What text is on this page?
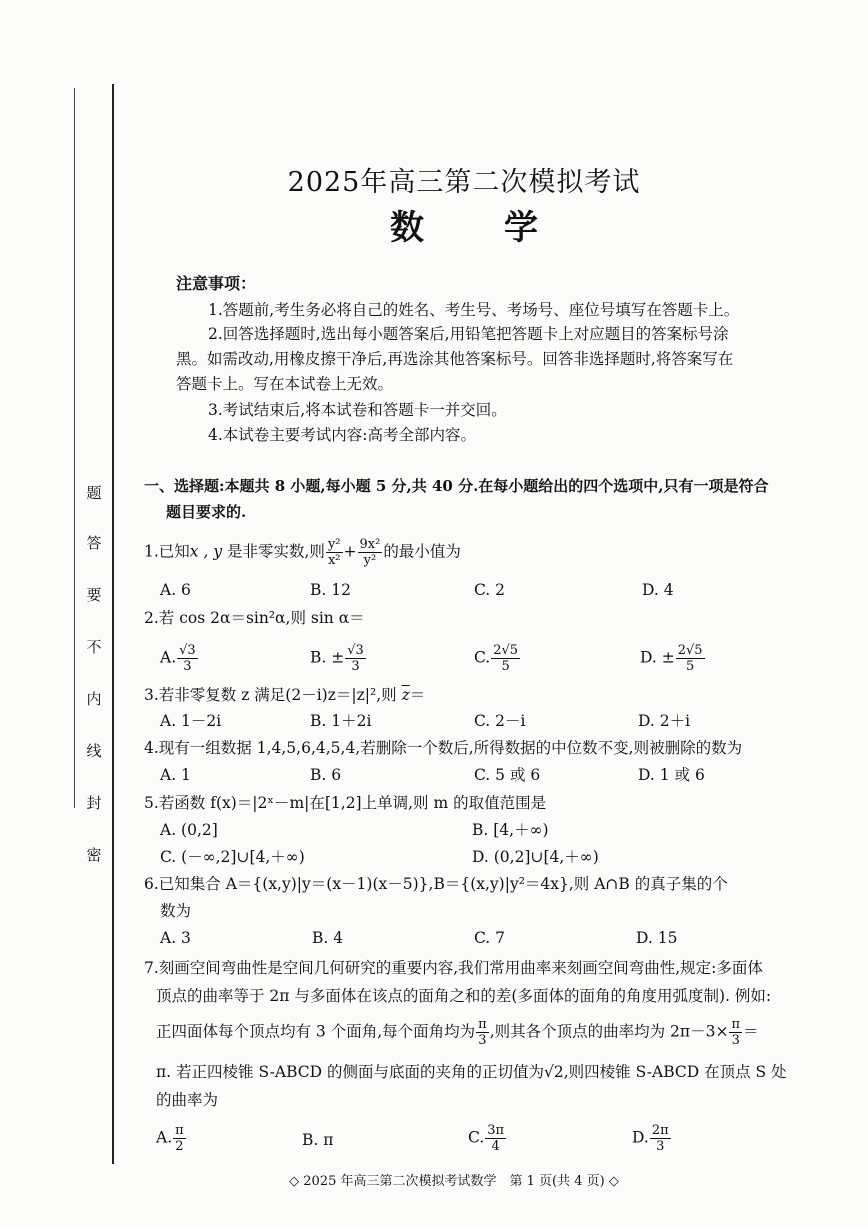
题
答
要
不
内
线
封
密
2025年高三第二次模拟考试
数 学
注意事项：
1.答题前,考生务必将自己的姓名、考生号、考场号、座位号填写在答题卡上。
2.回答选择题时,选出每小题答案后,用铅笔把答题卡上对应题目的答案标号涂
黑。如需改动,用橡皮擦干净后,再选涂其他答案标号。回答非选择题时,将答案写在
答题卡上。写在本试卷上无效。
3.考试结束后,将本试卷和答题卡一并交回。
4.本试卷主要考试内容:高考全部内容。
一、选择题:本题共 8 小题,每小题 5 分,共 40 分.在每小题给出的四个选项中,只有一项是符合
题目要求的.
1.已知x , y 是非零实数,则 $\frac{\text{y²}}{\text{x²}} + \frac{\text{9x²}}{\text{y²}}$ 的最小值为
A. 6	B. 12	C. 2	D. 4
2.若 cos 2α＝sin²α,则 sin α＝
A. $\frac{√3}{3}$	B. ± $\frac{√3}{3}$	C. $\frac{2√5}{5}$	D. ± $\frac{2√5}{5}$
3.若非零复数 z 满足(2－i)z＝|z|²,则 $\overline{z}=$
A. 1－2i	B. 1＋2i	C. 2－i	D. 2＋i
4.现有一组数据 1,4,5,6,4,5,4,若删除一个数后,所得数据的中位数不变,则被删除的数为
A. 1	B. 6	C. 5 或 6	D. 1 或 6
5.若函数 f(x)＝|2ˣ－m|在[1,2]上单调,则 m 的取值范围是
A. (0,2]	B. [4,＋∞)
C. (－∞,2]∪[4,＋∞)	D. (0,2]∪[4,＋∞)
6.已知集合 A＝{(x,y)|y＝(x－1)(x－5)},B＝{(x,y)|y²＝4x},则 A∩B 的真子集的个
数为
A. 3	B. 4	C. 7	D. 15
7.刻画空间弯曲性是空间几何研究的重要内容,我们常用曲率来刻画空间弯曲性,规定:多面体
顶点的曲率等于 2π 与多面体在该点的面角之和的差(多面体的面角的角度用弧度制). 例如:
正四面体每个顶点均有 3 个面角,每个面角均为 $\frac{\pi}{3}$ ,则其各个顶点的曲率均为 $2\pi-3\times \frac{\pi}{3}$ ＝
π. 若正四棱锥 S-ABCD 的侧面与底面的夹角的正切值为√2,则四棱锥 S-ABCD 在顶点 S 处
的曲率为
A. $\frac{\pi}{2}$	B. π	C. $\frac{3\pi}{4}$	D. $\frac{2\pi}{3}$
◇ 2025 年高三第二次模拟考试数学　第 1 页(共 4 页) ◇
